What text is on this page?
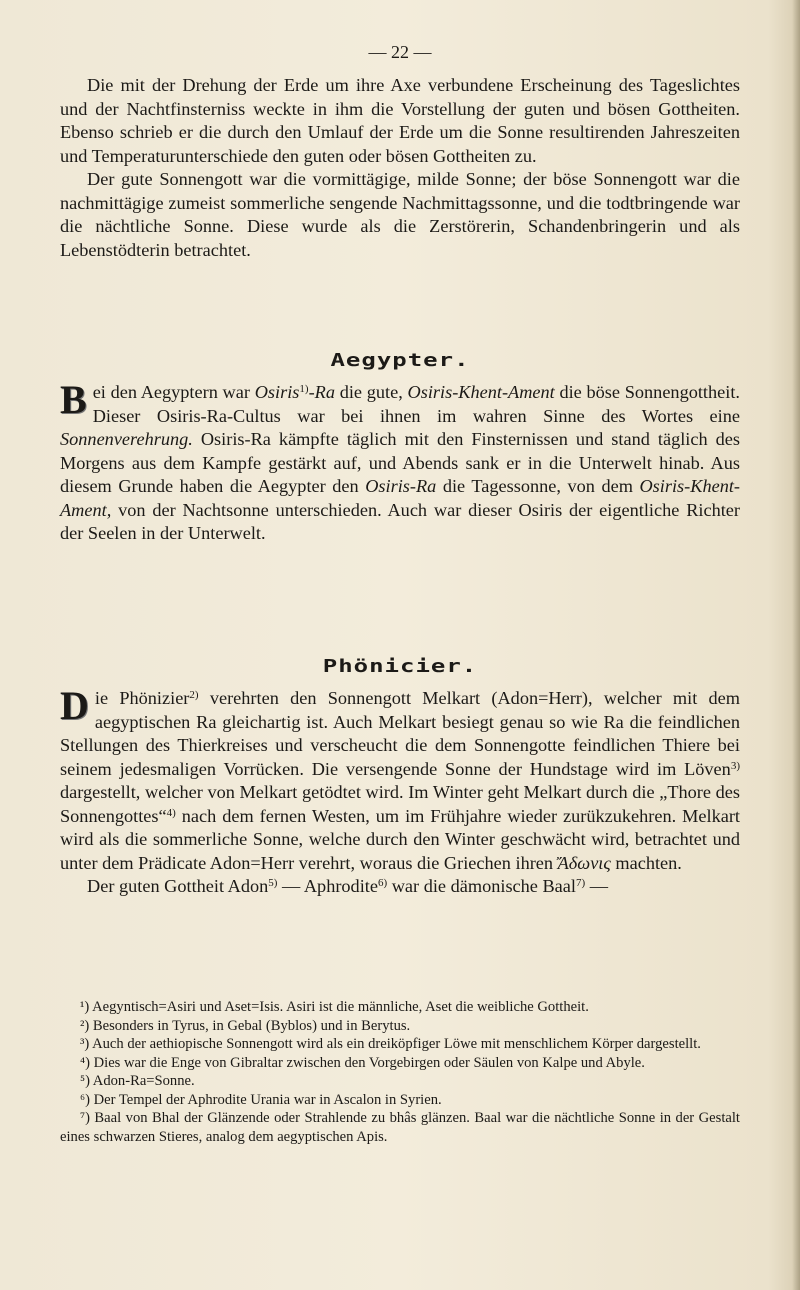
— 22 —

Die mit der Drehung der Erde um ihre Axe verbundene Erscheinung des Tageslichtes und der Nachtfinsterniss weckte in ihm die Vorstellung der guten und bösen Gottheiten. Ebenso schrieb er die durch den Umlauf der Erde um die Sonne resultirenden Jahreszeiten und Temperaturunterschiede den guten oder bösen Gottheiten zu.

Der gute Sonnengott war die vormittägige, milde Sonne; der böse Sonnengott war die nachmittägige zumeist sommerliche sengende Nachmittagssonne, und die todtbringende war die nächtliche Sonne. Diese wurde als die Zerstörerin, Schandenbringerin und als Lebenstödterin betrachtet.

Aegypter.

Bei den Aegyptern war Osiris$^{1)}$-Ra die gute, Osiris-Khent-Ament die böse Sonnengottheit. Dieser Osiris-Ra-Cultus war bei ihnen im wahren Sinne des Wortes eine Sonnenverehrung. Osiris-Ra kämpfte täglich mit den Finsternissen und stand täglich des Morgens aus dem Kampfe gestärkt auf, und Abends sank er in die Unterwelt hinab. Aus diesem Grunde haben die Aegypter den Osiris-Ra die Tagessonne, von dem Osiris-Khent-Ament, von der Nachtsonne unterschieden. Auch war dieser Osiris der eigentliche Richter der Seelen in der Unterwelt.

Phönicier.

Die Phönizier$^{2)}$ verehrten den Sonnengott Melkart (Adon=Herr), welcher mit dem aegyptischen Ra gleichartig ist. Auch Melkart besiegt genau so wie Ra die feindlichen Stellungen des Thierkreises und verscheucht die dem Sonnengotte feindlichen Thiere bei seinem jedesmaligen Vorrücken. Die versengende Sonne der Hundstage wird im Löven$^{3)}$ dargestellt, welcher von Melkart getödtet wird. Im Winter geht Melkart durch die „Thore des Sonnengottes“$^{4)}$ nach dem fernen Westen, um im Frühjahre wieder zurükzukehren. Melkart wird als die sommerliche Sonne, welche durch den Winter geschwächt wird, betrachtet und unter dem Prädicate Adon=Herr verehrt, woraus die Griechen ihren Ἄδωνις machten.

Der guten Gottheit Adon$^{5)}$ — Aphrodite$^{6)}$ war die dämonische Baal$^{7)}$ —

¹) Aegyntisch=Asiri und Aset=Isis. Asiri ist die männliche, Aset die weibliche Gottheit.

²) Besonders in Tyrus, in Gebal (Byblos) und in Berytus.

³) Auch der aethiopische Sonnengott wird als ein dreiköpfiger Löwe mit menschlichem Körper dargestellt.

⁴) Dies war die Enge von Gibraltar zwischen den Vorgebirgen oder Säulen von Kalpe und Abyle.

⁵) Adon-Ra=Sonne.

⁶) Der Tempel der Aphrodite Urania war in Ascalon in Syrien.

⁷) Baal von Bhal der Glänzende oder Strahlende zu bhâs glänzen. Baal war die nächtliche Sonne in der Gestalt eines schwarzen Stieres, analog dem aegyptischen Apis.
